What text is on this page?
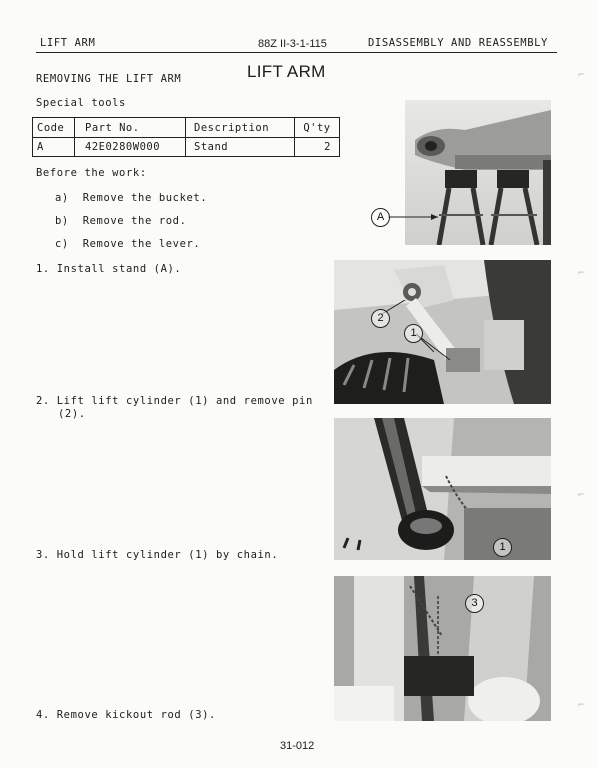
LIFT ARM	88Z II-3-1-115	DISASSEMBLY AND REASSEMBLY
LIFT ARM
REMOVING THE LIFT ARM
Special tools
Code	Part No.	Description	Q'ty
A	42E0280W000	Stand	2
Before the work:
a) Remove the bucket.
b) Remove the rod.
c) Remove the lever.
1. Install stand (A).
2. Lift lift cylinder (1) and remove pin
(2).
3. Hold lift cylinder (1) by chain.
4. Remove kickout rod (3).
A
2
1
1
3
⌐
⌐
⌐
⌐
31-012
